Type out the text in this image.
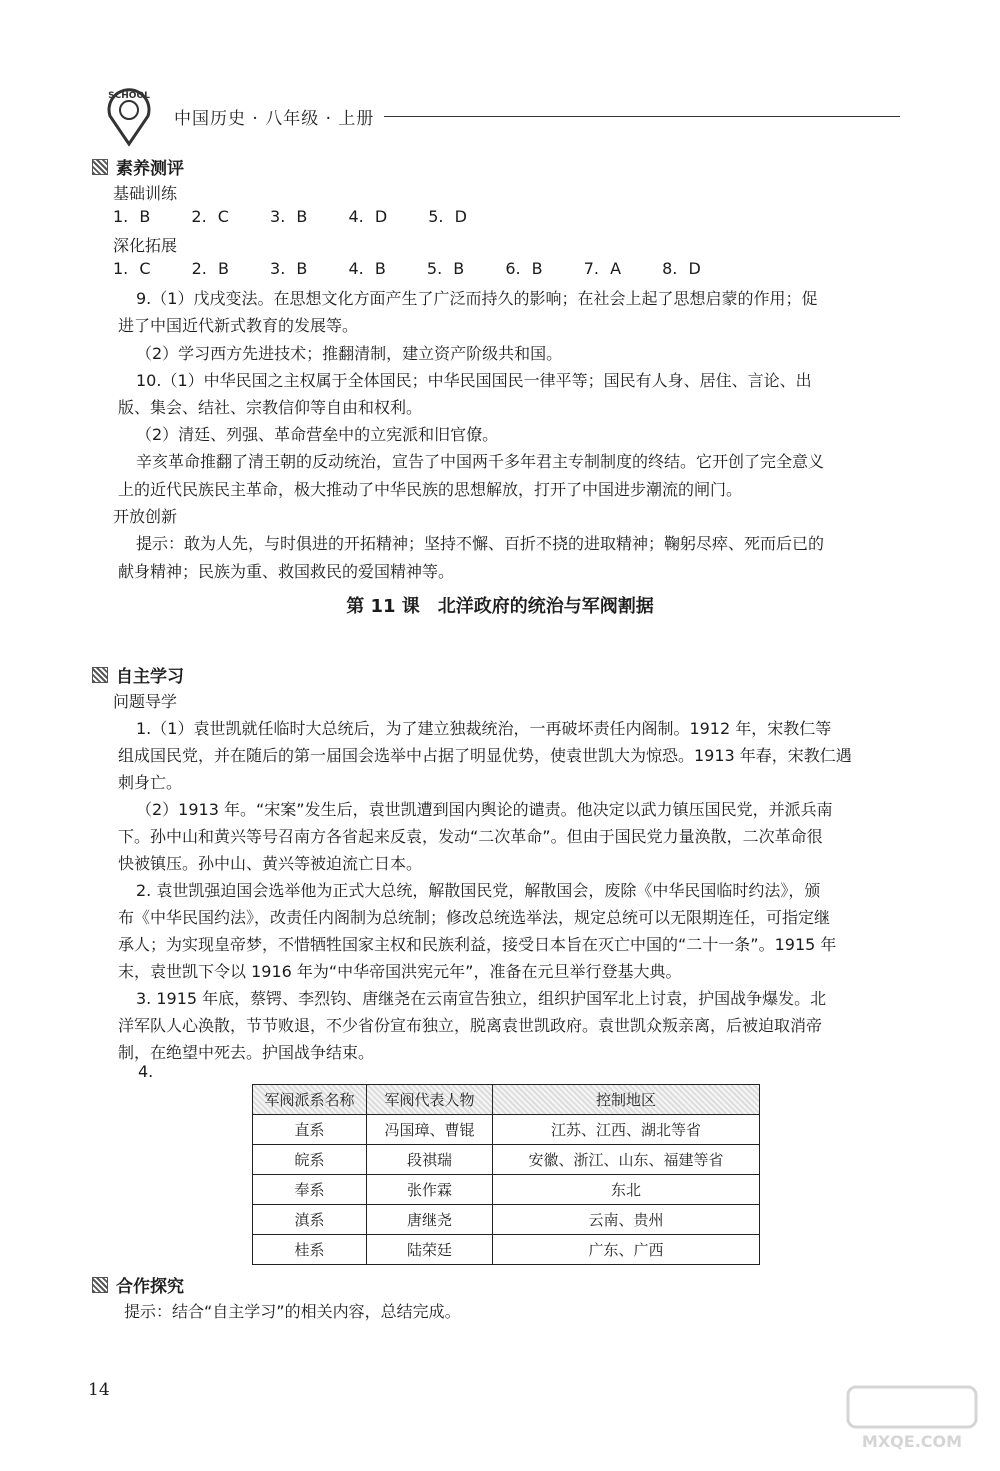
SCHOOL
中国历史 · 八年级 · 上册
素养测评
基础训练
1. B	2. C	3. B	4. D	5. D
深化拓展
1. C	2. B	3. B	4. B	5. B	6. B	7. A	8. D
9.（1）戊戌变法。在思想文化方面产生了广泛而持久的影响；在社会上起了思想启蒙的作用；促
进了中国近代新式教育的发展等。
（2）学习西方先进技术；推翻清制，建立资产阶级共和国。
10.（1）中华民国之主权属于全体国民；中华民国国民一律平等；国民有人身、居住、言论、出
版、集会、结社、宗教信仰等自由和权利。
（2）清廷、列强、革命营垒中的立宪派和旧官僚。
辛亥革命推翻了清王朝的反动统治，宣告了中国两千多年君主专制制度的终结。它开创了完全意义
上的近代民族民主革命，极大推动了中华民族的思想解放，打开了中国进步潮流的闸门。
开放创新
提示：敢为人先，与时俱进的开拓精神；坚持不懈、百折不挠的进取精神；鞠躬尽瘁、死而后已的
献身精神；民族为重、救国救民的爱国精神等。
第 11 课　北洋政府的统治与军阀割据
自主学习
问题导学
1.（1）袁世凯就任临时大总统后，为了建立独裁统治，一再破坏责任内阁制。1912 年，宋教仁等
组成国民党，并在随后的第一届国会选举中占据了明显优势，使袁世凯大为惊恐。1913 年春，宋教仁遇
刺身亡。
（2）1913 年。“宋案”发生后，袁世凯遭到国内舆论的谴责。他决定以武力镇压国民党，并派兵南
下。孙中山和黄兴等号召南方各省起来反袁，发动“二次革命”。但由于国民党力量涣散，二次革命很
快被镇压。孙中山、黄兴等被迫流亡日本。
2. 袁世凯强迫国会选举他为正式大总统，解散国民党，解散国会，废除《中华民国临时约法》，颁
布《中华民国约法》，改责任内阁制为总统制；修改总统选举法，规定总统可以无限期连任，可指定继
承人；为实现皇帝梦，不惜牺牲国家主权和民族利益，接受日本旨在灭亡中国的“二十一条”。1915 年
末，袁世凯下令以 1916 年为“中华帝国洪宪元年”，准备在元旦举行登基大典。
3. 1915 年底，蔡锷、李烈钧、唐继尧在云南宣告独立，组织护国军北上讨袁，护国战争爆发。北
洋军队人心涣散，节节败退，不少省份宣布独立，脱离袁世凯政府。袁世凯众叛亲离，后被迫取消帝
制，在绝望中死去。护国战争结束。
4.
军阀派系名称	军阀代表人物	控制地区
直系	冯国璋、曹锟	江苏、江西、湖北等省
皖系	段祺瑞	安徽、浙江、山东、福建等省
奉系	张作霖	东北
滇系	唐继尧	云南、贵州
桂系	陆荣廷	广东、广西
合作探究
提示：结合“自主学习”的相关内容，总结完成。
14
MXQE.COM
